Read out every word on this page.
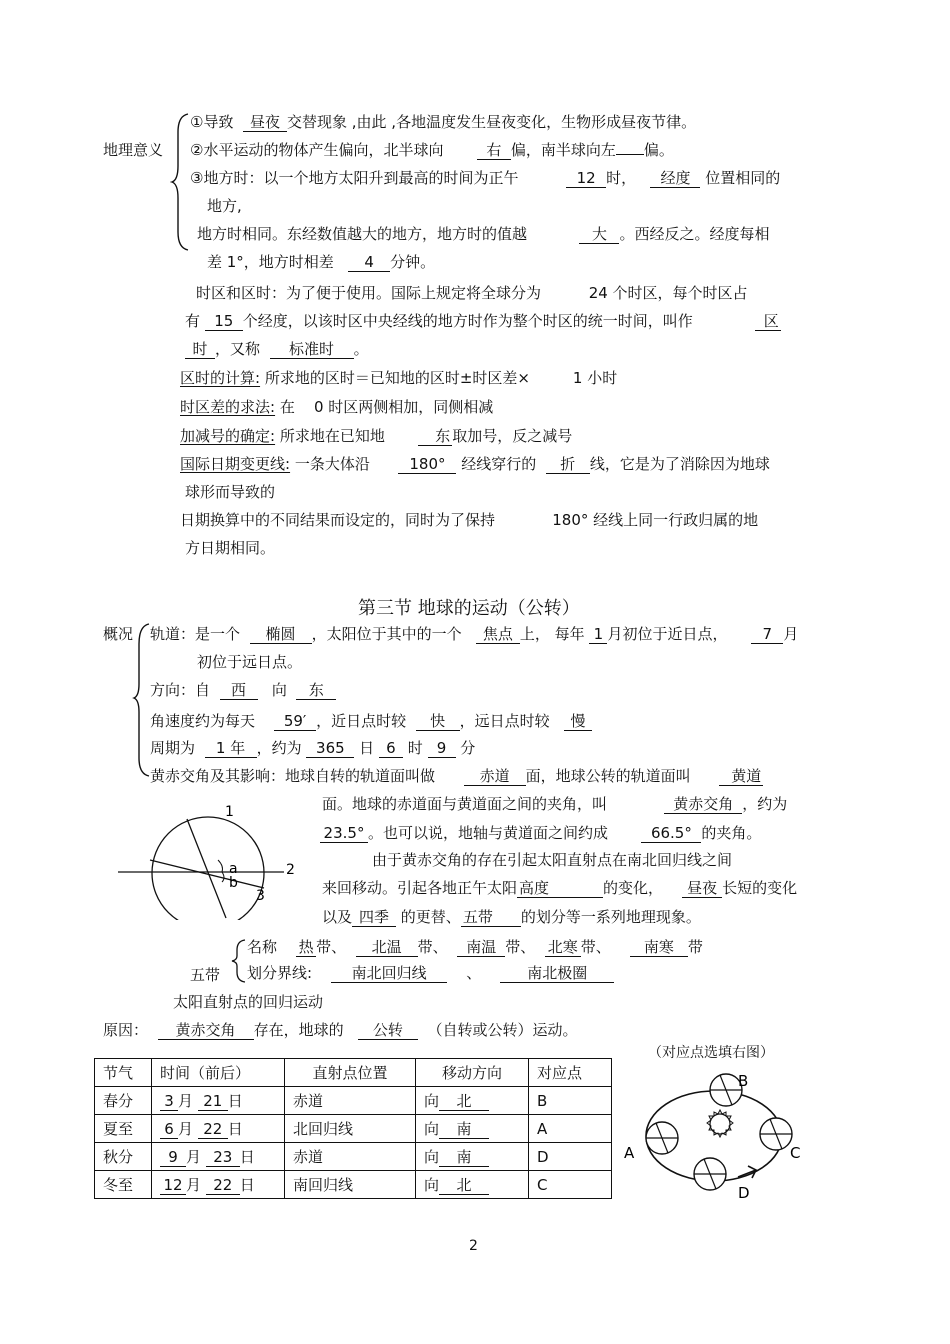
地理意义
①导致 昼夜 交替现象 ,由此 ,各地温度发生昼夜变化，生物形成昼夜节律。
②水平运动的物体产生偏向，北半球向	右 偏，南半球向左 偏。
③地方时：以一个地方太阳升到最高的时间为正午	12 时， 经度 位置相同的
地方,
地方时相同。东经数值越大的地方，地方时的值越	大 。西经反之。经度每相
差 1°，地方时相差 4 分钟。
时区和区时：为了便于使用。国际上规定将全球分为	24 个时区，每个时区占
有 15 个经度，以该时区中央经线的地方时作为整个时区的统一时间，叫作	区
时 ，又称 标准时 。
区时的计算: 所求地的区时＝已知地的区时±时区差×	1 小时
时区差的求法: 在 0 时区两侧相加，同侧相减
加减号的确定: 所求地在已知地	东 取加号，反之减号
国际日期变更线: 一条大体沿	180° 经线穿行的 折 线，它是为了消除因为地球
球形而导致的
日期换算中的不同结果而设定的，同时为了保持	180° 经线上同一行政归属的地
方日期相同。
第三节 地球的运动（公转）
概况 轨道：是一个 椭圆 ，太阳位于其中的一个 焦点 上， 每年 1 月初位于近日点， 7 月
初位于远日点。
方向：自 西 向 东
角速度约为每天 59′ ，近日点时较 快 ，远日点时较 慢
周期为 1 年 ，约为 365 日 6 时 9 分
黄赤交角及其影响：地球自转的轨道面叫做	赤道 面，地球公转的轨道面叫	黄道
面。地球的赤道面与黄道面之间的夹角，叫	黄赤交角 ，约为
23.5° 。也可以说，地轴与黄道面之间约成	66.5° 的夹角。
由于黄赤交角的存在引起太阳直射点在南北回归线之间
来回移动。引起各地正午太阳 高度	的变化， 昼夜 长短的变化
以及 四季 的更替、 五带 的划分等一系列地理现象。
1
2
3
a
b
五带
名称 热 带、 北温 带、 南温 带、 北寒 带、 南寒 带
划分界线:	南北回归线	、	南北极圈
太阳直射点的回归运动
原因： 黄赤交角 存在，地球的 公转 （自转或公转）运动。
（对应点选填右图）
节气	时间（前后）	直射点位置	移动方向	对应点
春分	3 月 21 日	赤道	向 北	B
夏至	6 月 22 日	北回归线	向 南	A
秋分	9 月 23 日	赤道	向 南	D
冬至	12 月 22 日	南回归线	向 北	C
B
A	C
D
2
